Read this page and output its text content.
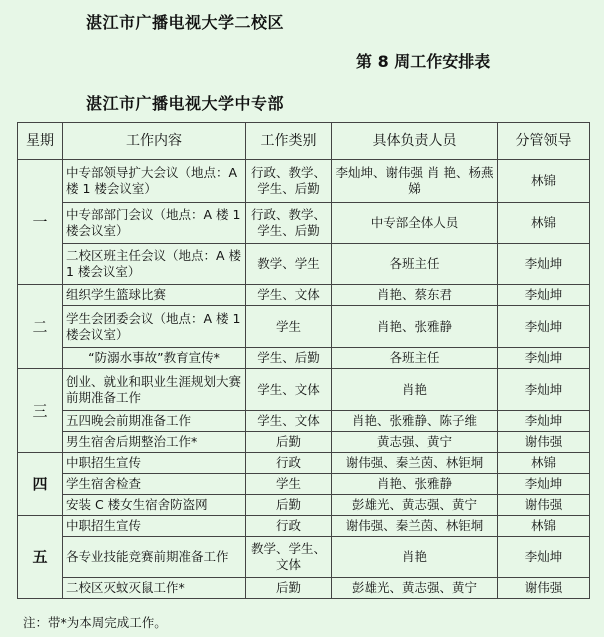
湛江市广播电视大学二校区
第 8 周工作安排表
湛江市广播电视大学中专部
星期	工作内容	工作类别	具体负责人员	分管领导
一	中专部领导扩大会议（地点：A 楼 1 楼会议室）	行政、教学、学生、后勤	李灿坤、谢伟强 肖 艳、杨燕娣	林锦
	中专部部门会议（地点：A 楼 1 楼会议室）	行政、教学、学生、后勤	中专部全体人员	林锦
	二校区班主任会议（地点：A 楼 1 楼会议室）	教学、学生	各班主任	李灿坤
二	组织学生篮球比赛	学生、文体	肖艳、蔡东君	李灿坤
	学生会团委会议（地点：A 楼 1 楼会议室）	学生	肖艳、张雅静	李灿坤
	“防溺水事故”教育宣传*	学生、后勤	各班主任	李灿坤
三	创业、就业和职业生涯规划大赛前期准备工作	学生、文体	肖艳	李灿坤
	五四晚会前期准备工作	学生、文体	肖艳、张雅静、陈子维	李灿坤
	男生宿舍后期整治工作*	后勤	黄志强、黄宁	谢伟强
四	中职招生宣传	行政	谢伟强、秦兰茵、林钜垌	林锦
	学生宿舍检查	学生	肖艳、张雅静	李灿坤
	安装 C 楼女生宿舍防盗网	后勤	彭雄光、黄志强、黄宁	谢伟强
五	中职招生宣传	行政	谢伟强、秦兰茵、林钜垌	林锦
	各专业技能竞赛前期准备工作	教学、学生、文体	肖艳	李灿坤
	二校区灭蚊灭鼠工作*	后勤	彭雄光、黄志强、黄宁	谢伟强
注：带*为本周完成工作。
